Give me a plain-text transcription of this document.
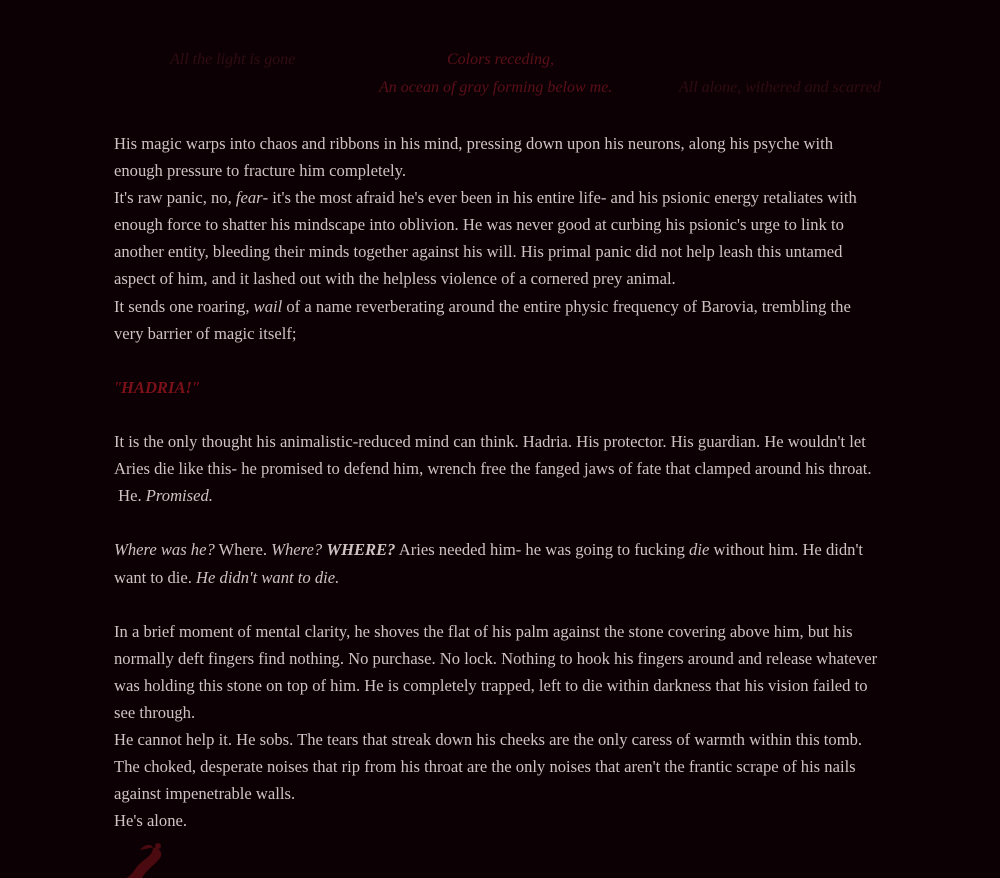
All the light is gone	Colors receding,
An ocean of gray forming below me.	All alone, withered and scarred

His magic warps into chaos and ribbons in his mind, pressing down upon his neurons, along his psyche with enough pressure to fracture him completely.

It's raw panic, no, fear- it's the most afraid he's ever been in his entire life- and his psionic energy retaliates with enough force to shatter his mindscape into oblivion. He was never good at curbing his psionic's urge to link to another entity, bleeding their minds together against his will. His primal panic did not help leash this untamed aspect of him, and it lashed out with the helpless violence of a cornered prey animal.

It sends one roaring, wail of a name reverberating around the entire physic frequency of Barovia, trembling the very barrier of magic itself;

"HADRIA!"

It is the only thought his animalistic-reduced mind can think. Hadria. His protector. His guardian. He wouldn't let Aries die like this- he promised to defend him, wrench free the fanged jaws of fate that clamped around his throat.

He. Promised.

Where was he? Where. Where? WHERE? Aries needed him- he was going to fucking die without him. He didn't want to die. He didn't want to die.

In a brief moment of mental clarity, he shoves the flat of his palm against the stone covering above him, but his normally deft fingers find nothing. No purchase. No lock. Nothing to hook his fingers around and release whatever was holding this stone on top of him. He is completely trapped, left to die within darkness that his vision failed to see through.

He cannot help it. He sobs. The tears that streak down his cheeks are the only caress of warmth within this tomb. The choked, desperate noises that rip from his throat are the only noises that aren't the frantic scrape of his nails against impenetrable walls.

He's alone.
